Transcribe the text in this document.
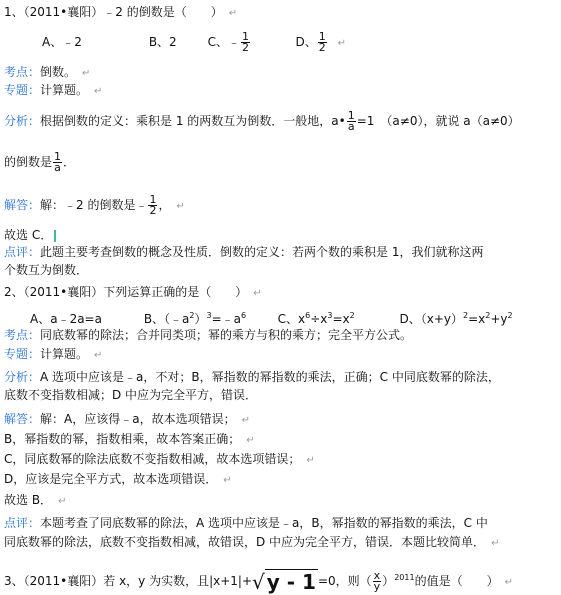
1、（2011•襄阳）﹣2 的倒数是（　　） ↵
A、﹣2	B、2	C、﹣ $\frac{1}{2}$	D、 $\frac{1}{2}$ ↵
考点：倒数。 ↵
专题：计算题。 ↵
分析：根据倒数的定义：乘积是 1 的两数互为倒数．一般地，a• $\frac{1}{a} =1$　（a≠0），就说 a（a≠0）
的倒数是 $\frac{1}{a}$ ．
解答：解：﹣2 的倒数是﹣ $\frac{1}{2}$ ， ↵
故选 C．
点评：此题主要考查倒数的概念及性质．倒数的定义：若两个数的乘积是 1，我们就称这两
个数互为倒数．
2、（2011•襄阳）下列运算正确的是（　　） ↵
A、a﹣2a=a	B、$(﹣a^2)^3=﹣a^6$	C、$x^6\div x^3=x^2$	D、$(x+y)^2=x^2+y^2$
考点：同底数幂的除法；合并同类项；幂的乘方与积的乘方；完全平方公式。
专题：计算题。 ↵
分析：A 选项中应该是﹣a，不对；B，幂指数的幂指数的乘法，正确；C 中同底数幂的除法，
底数不变指数相减；D 中应为完全平方，错误．
解答：解：A，应该得﹣a，故本选项错误； ↵
B，幂指数的幂，指数相乘，故本答案正确； ↵
C，同底数幂的除法底数不变指数相减，故本选项错误； ↵
D，应该是完全平方式，故本选项错误． ↵
故选 B． ↵
点评：本题考查了同底数幂的除法，A 选项中应该是﹣a，B，幂指数的幂指数的乘法，C 中
同底数幂的除法，底数不变指数相减，故错误，D 中应为完全平方，错误．本题比较简单． ↵
3、（2011•襄阳）若 x，y 为实数，且|x+1|+√ y - 1 =0，则（ $\frac{x}{y} )^{2011}$的值是（　　） ↵
